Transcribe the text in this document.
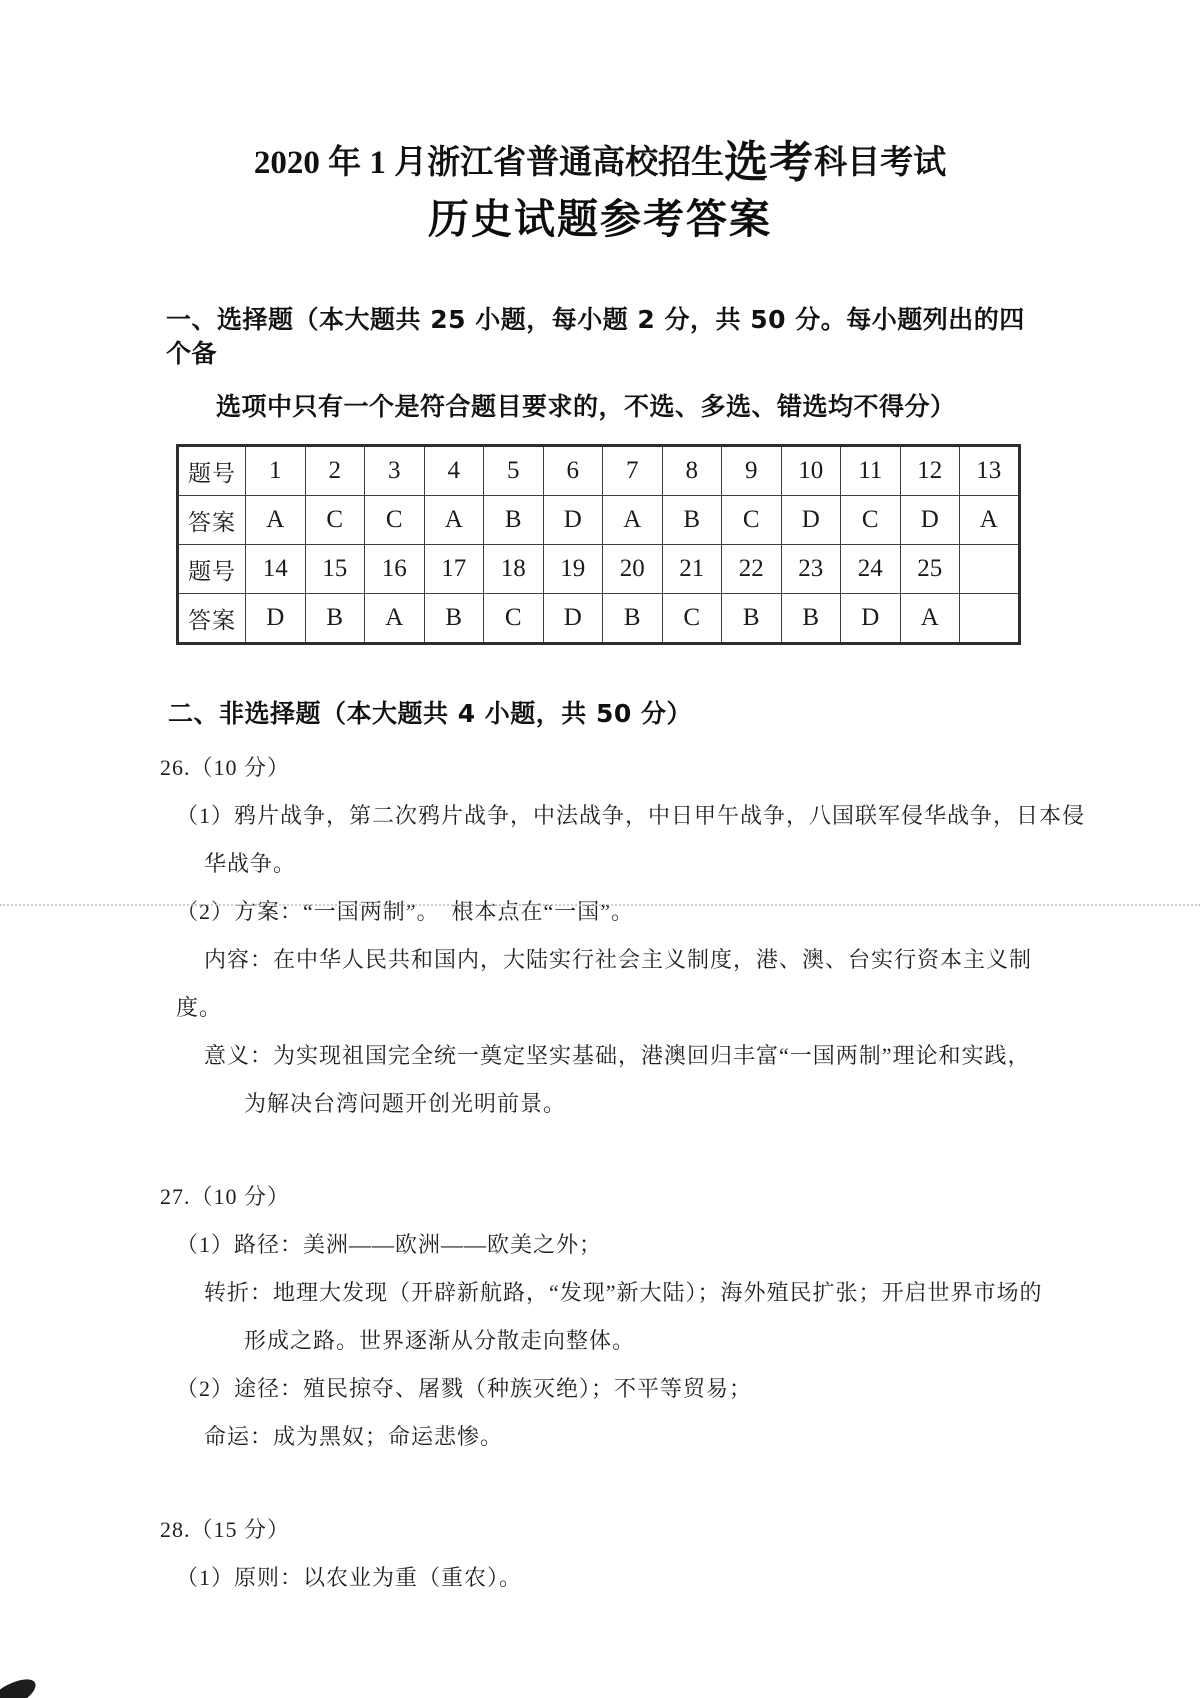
2020 年 1 月浙江省普通高校招生选考科目考试
历史试题参考答案
一、选择题（本大题共 25 小题，每小题 2 分，共 50 分。每小题列出的四个备
选项中只有一个是符合题目要求的，不选、多选、错选均不得分）
题号	1	2	3	4	5	6	7	8	9	10	11	12	13
答案	A	C	C	A	B	D	A	B	C	D	C	D	A
题号	14	15	16	17	18	19	20	21	22	23	24	25	
答案	D	B	A	B	C	D	B	C	B	B	D	A	
二、非选择题（本大题共 4 小题，共 50 分）

26.（10 分）

（1）鸦片战争，第二次鸦片战争，中法战争，中日甲午战争，八国联军侵华战争，日本侵

华战争。

（2）方案：“一国两制”。　根本点在“一国”。

内容：在中华人民共和国内，大陆实行社会主义制度，港、澳、台实行资本主义制

度。

意义：为实现祖国完全统一奠定坚实基础，港澳回归丰富“一国两制”理论和实践，

为解决台湾问题开创光明前景。

27.（10 分）

（1）路径：美洲——欧洲——欧美之外；

转折：地理大发现（开辟新航路，“发现”新大陆）；海外殖民扩张；开启世界市场的

形成之路。世界逐渐从分散走向整体。

（2）途径：殖民掠夺、屠戮（种族灭绝）；不平等贸易；

命运：成为黑奴；命运悲惨。

28.（15 分）

（1）原则：以农业为重（重农）。
